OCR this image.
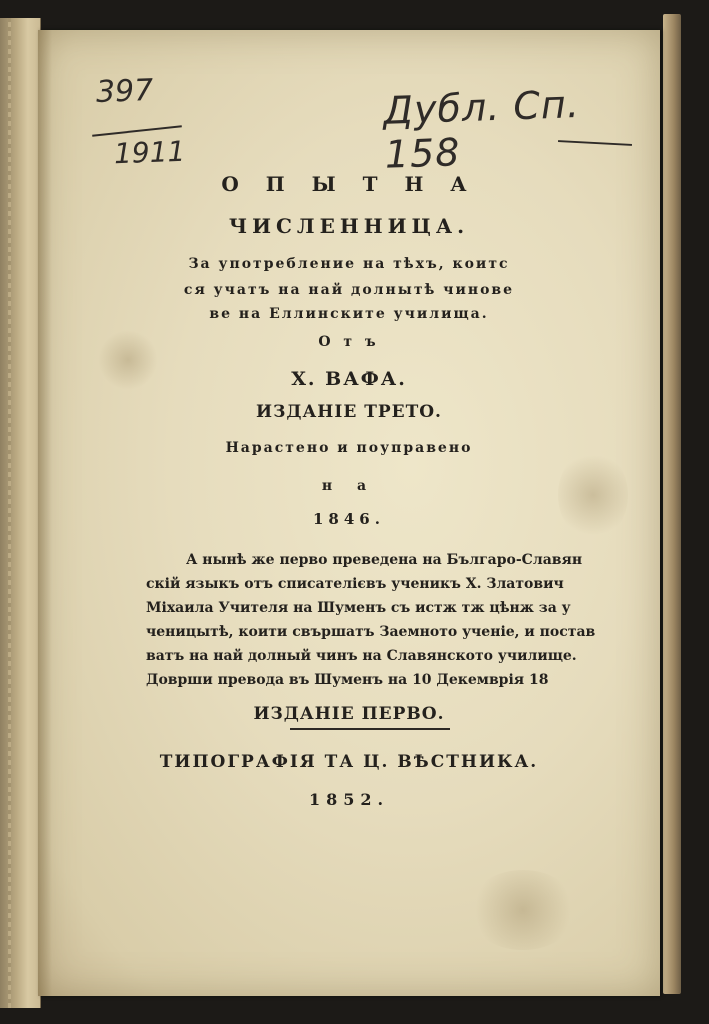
397
1911
Дубл. Сп. 158
О П Ы Т Н А
ЧИСЛЕННИЦА.
За употребление на тѣхъ, коитс
ся учатъ на най долнытѣ чинове
ве на Еллинските училища.
О т ъ
Х. ВАФА.
ИЗДАНІЕ ТРЕТО.
Нарастено и поуправено
н а
1846.
А нынѣ же перво преведена на Българо-Славян
скій языкъ отъ списателієвъ ученикъ Х. Златович
Міхаила Учителя на Шуменъ съ истж тж цѣнж за у
ченицытѣ, коити свършатъ Заемното ученіе, и постав
ватъ на най долный чинъ на Славянското училище.
Доврши превода въ Шуменъ на 10 Декемврія 18
ИЗДАНІЕ ПЕРВО.
ТИПОГРАФІЯ ТА Ц. ВѢСТНИКА.
1852.
